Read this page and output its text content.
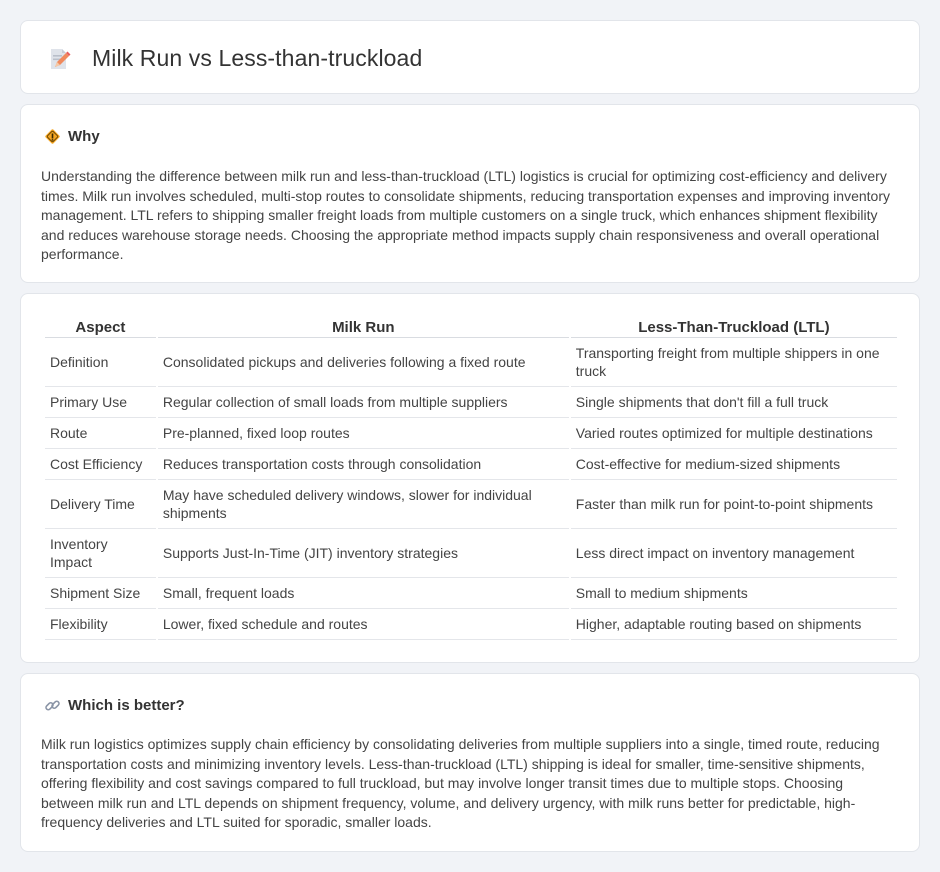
Milk Run vs Less-than-truckload
Why

Understanding the difference between milk run and less-than-truckload (LTL) logistics is crucial for optimizing cost-efficiency and delivery times. Milk run involves scheduled, multi-stop routes to consolidate shipments, reducing transportation expenses and improving inventory management. LTL refers to shipping smaller freight loads from multiple customers on a single truck, which enhances shipment flexibility and reduces warehouse storage needs. Choosing the appropriate method impacts supply chain responsiveness and overall operational performance.

Aspect	Milk Run	Less-Than-Truckload (LTL)
Definition	Consolidated pickups and deliveries following a fixed route	Transporting freight from multiple shippers in one truck
Primary Use	Regular collection of small loads from multiple suppliers	Single shipments that don't fill a full truck
Route	Pre-planned, fixed loop routes	Varied routes optimized for multiple destinations
Cost Efficiency	Reduces transportation costs through consolidation	Cost-effective for medium-sized shipments
Delivery Time	May have scheduled delivery windows, slower for individual shipments	Faster than milk run for point-to-point shipments
Inventory Impact	Supports Just-In-Time (JIT) inventory strategies	Less direct impact on inventory management
Shipment Size	Small, frequent loads	Small to medium shipments
Flexibility	Lower, fixed schedule and routes	Higher, adaptable routing based on shipments
Which is better?

Milk run logistics optimizes supply chain efficiency by consolidating deliveries from multiple suppliers into a single, timed route, reducing transportation costs and minimizing inventory levels. Less-than-truckload (LTL) shipping is ideal for smaller, time-sensitive shipments, offering flexibility and cost savings compared to full truckload, but may involve longer transit times due to multiple stops. Choosing between milk run and LTL depends on shipment frequency, volume, and delivery urgency, with milk runs better for predictable, high-frequency deliveries and LTL suited for sporadic, smaller loads.
